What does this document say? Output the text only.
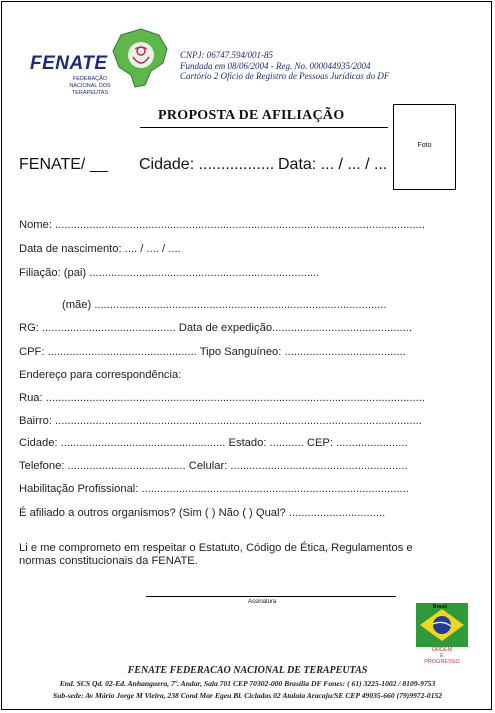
FENATE
FEDERAÇÃO NACIONAL DOS TERAPEUTAS
CNPJ: 06747.594/001-85
Fundada em 08/06/2004 - Reg. No. 000044935/2004
Cartório 2 Ofício de Registro de Pessoas Jurídicas do DF
PROPOSTA DE AFILIAÇÃO
Foto
FENATE/ __ Cidade: ................. Data: ... / ... / ...
Nome: .......................................................................................................................
Data de nascimento: .... / .... / ....
Filiação: (pai) ..........................................................................
(mãe) ..............................................................................................
RG: ........................................... Data de expedição.............................................
CPF: ................................................ Tipo Sanguíneo: .......................................
Endereço para correspondência:
Rua: ..........................................................................................................................
Bairro: ......................................................................................................................
Cidade: ..................................................... Estado: ........... CEP: .......................
Telefone: ...................................... Celular: .........................................................
Habilitação Profissional: ......................................................................................
É afiliado a outros organismos? (Sim ( ) Não ( ) Qual? ...............................
Li e me comprometo em respeitar o Estatuto, Código de Ética, Regulamentos e
normas constitucionais da FENATE.
Assinatura
Brasil
ORDEM
E
PROGRESSO
FENATE FEDERACAO NACIONAL DE TERAPEUTAS
End. SCS Qd. 02-Ed. Anhanguera, 7º. Andar, Sala 701 CEP 70302-000 Brasília DF Fones: ( 61) 3225-1002 / 8109-9753
Sub-sede: Av Mário Jorge M Vieira, 238 Cond Mar Egeu Bl. Cicladas 02 Atalaia Aracaju/SE CEP 49035-660 (79)9972-0152
